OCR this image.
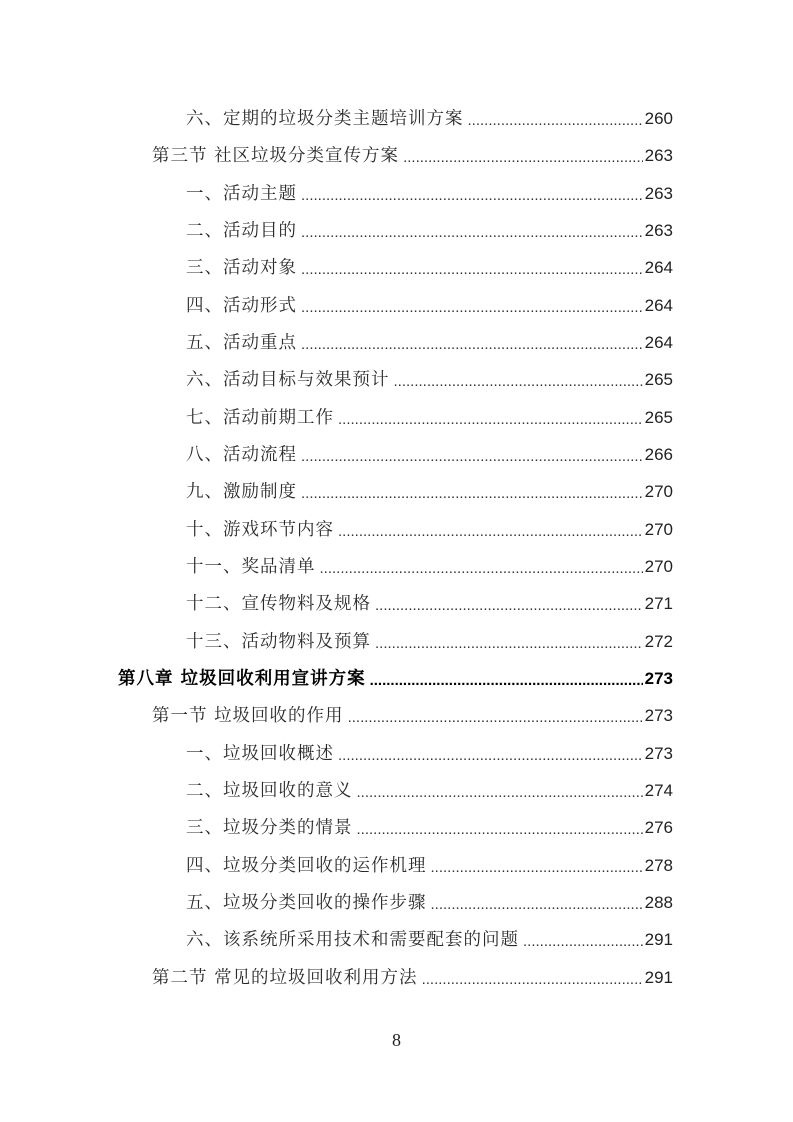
六、定期的垃圾分类主题培训方案 .....	260
第三节 社区垃圾分类宣传方案 .....	263
一、活动主题 .....	263
二、活动目的 .....	263
三、活动对象 .....	264
四、活动形式 .....	264
五、活动重点 .....	264
六、活动目标与效果预计 .....	265
七、活动前期工作 .....	265
八、活动流程 .....	266
九、激励制度 .....	270
十、游戏环节内容 .....	270
十一、奖品清单 .....	270
十二、宣传物料及规格 .....	271
十三、活动物料及预算 .....	272
第八章 垃圾回收利用宣讲方案 .....	273
第一节 垃圾回收的作用 .....	273
一、垃圾回收概述 .....	273
二、垃圾回收的意义 .....	274
三、垃圾分类的情景 .....	276
四、垃圾分类回收的运作机理 .....	278
五、垃圾分类回收的操作步骤 .....	288
六、该系统所采用技术和需要配套的问题 .....	291
第二节 常见的垃圾回收利用方法 .....	291
8
